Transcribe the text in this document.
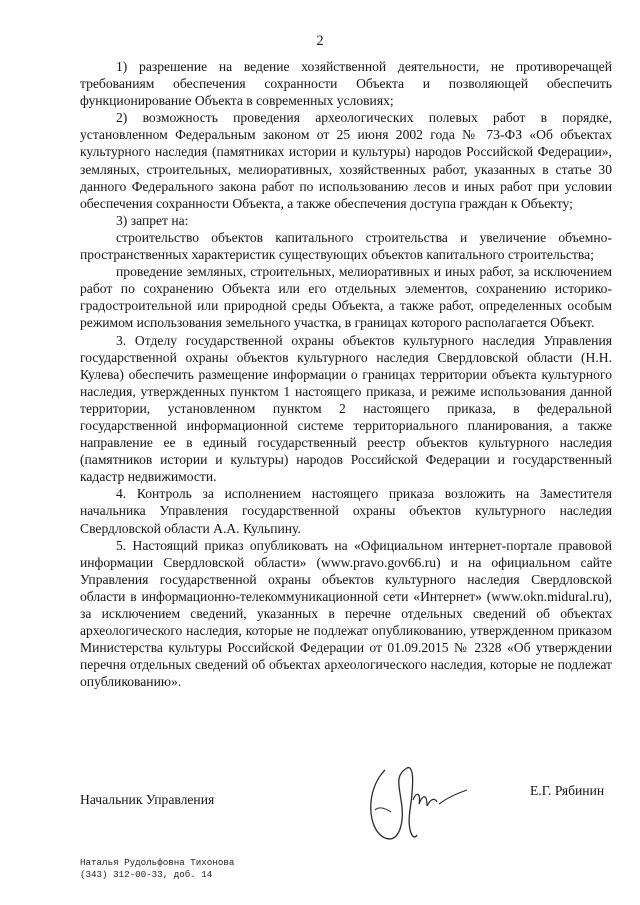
2

1) разрешение на ведение хозяйственной деятельности, не противоречащей требованиям обеспечения сохранности Объекта и позволяющей обеспечить функционирование Объекта в современных условиях;

2) возможность проведения археологических полевых работ в порядке, установленном Федеральным законом от 25 июня 2002 года № 73-ФЗ «Об объектах культурного наследия (памятниках истории и культуры) народов Российской Федерации», земляных, строительных, мелиоративных, хозяйственных работ, указанных в статье 30 данного Федерального закона работ по использованию лесов и иных работ при условии обеспечения сохранности Объекта, а также обеспечения доступа граждан к Объекту;

3) запрет на:

строительство объектов капитального строительства и увеличение объемно-пространственных характеристик существующих объектов капитального строительства;

проведение земляных, строительных, мелиоративных и иных работ, за исключением работ по сохранению Объекта или его отдельных элементов, сохранению историко-градостроительной или природной среды Объекта, а также работ, определенных особым режимом использования земельного участка, в границах которого располагается Объект.

3. Отделу государственной охраны объектов культурного наследия Управления государственной охраны объектов культурного наследия Свердловской области (Н.Н. Кулева) обеспечить размещение информации о границах территории объекта культурного наследия, утвержденных пунктом 1 настоящего приказа, и режиме использования данной территории, установленном пунктом 2 настоящего приказа, в федеральной государственной информационной системе территориального планирования, а также направление ее в единый государственный реестр объектов культурного наследия (памятников истории и культуры) народов Российской Федерации и государственный кадастр недвижимости.

4. Контроль за исполнением настоящего приказа возложить на Заместителя начальника Управления государственной охраны объектов культурного наследия Свердловской области А.А. Кульпину.

5. Настоящий приказ опубликовать на «Официальном интернет-портале правовой информации Свердловской области» (www.pravo.gov66.ru) и на официальном сайте Управления государственной охраны объектов культурного наследия Свердловской области в информационно-телекоммуникационной сети «Интернет» (www.okn.midural.ru), за исключением сведений, указанных в перечне отдельных сведений об объектах археологического наследия, которые не подлежат опубликованию, утвержденном приказом Министерства культуры Российской Федерации от 01.09.2015 № 2328 «Об утверждении перечня отдельных сведений об объектах археологического наследия, которые не подлежат опубликованию».

Начальник Управления
Е.Г. Рябинин
Наталья Рудольфовна Тихонова
(343) 312-00-33, доб. 14
